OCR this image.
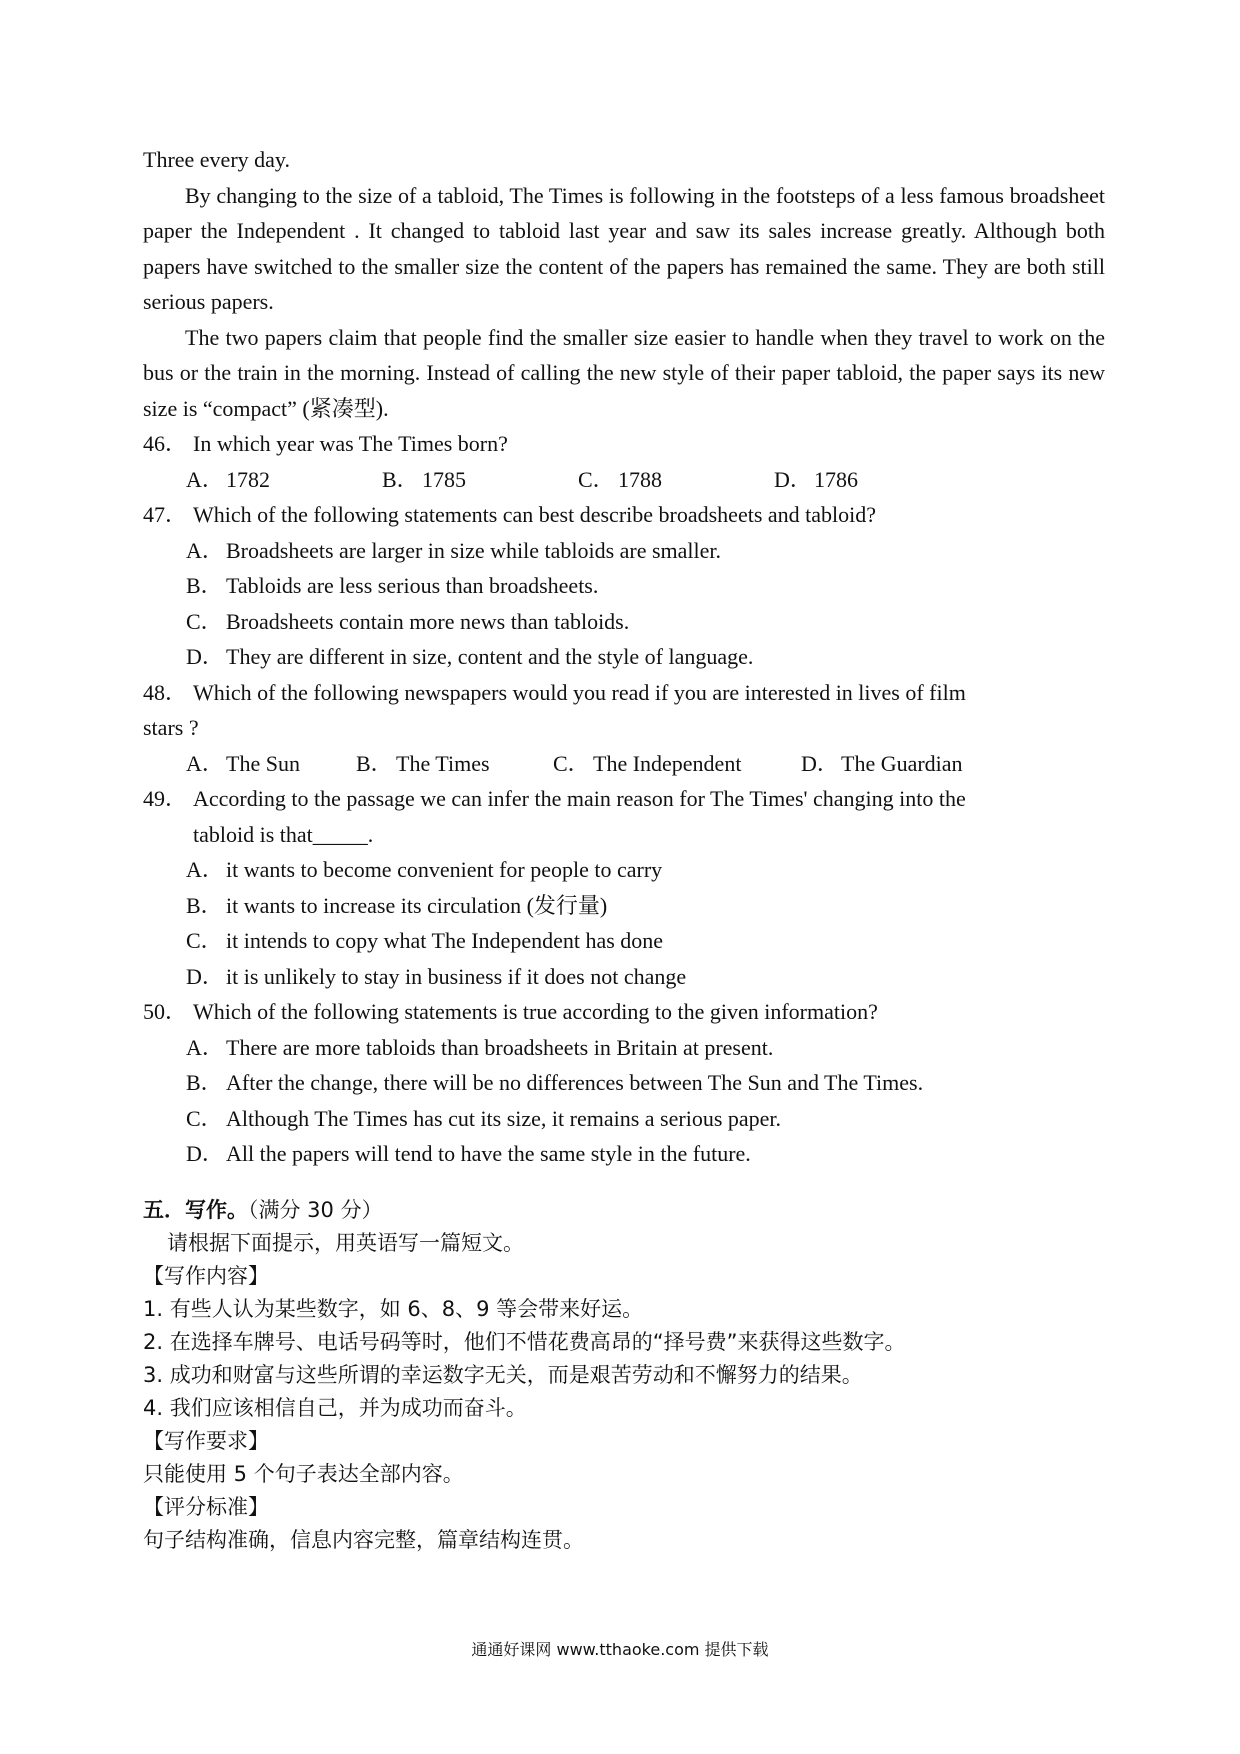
Three every day.

By changing to the size of a tabloid, The Times is following in the footsteps of a less famous broadsheet paper the Independent . It changed to tabloid last year and saw its sales increase greatly. Although both papers have switched to the smaller size the content of the papers has remained the same. They are both still serious papers.

The two papers claim that people find the smaller size easier to handle when they travel to work on the bus or the train in the morning. Instead of calling the new style of their paper tabloid, the paper says its new size is “compact” (紧凑型).

46． In which year was The Times born?

A． 1782	B． 1785	C． 1788	D． 1786

47． Which of the following statements can best describe broadsheets and tabloid?

A． Broadsheets are larger in size while tabloids are smaller.

B． Tabloids are less serious than broadsheets.

C． Broadsheets contain more news than tabloids.

D． They are different in size, content and the style of language.

48． Which of the following newspapers would you read if you are interested in lives of film

stars ?

A． The Sun	B． The Times	C． The Independent	D． The Guardian

49． According to the passage we can infer the main reason for The Times' changing into the

tabloid is that_____.

A． it wants to become convenient for people to carry

B． it wants to increase its circulation (发行量)

C． it intends to copy what The Independent has done

D． it is unlikely to stay in business if it does not change

50． Which of the following statements is true according to the given information?

A． There are more tabloids than broadsheets in Britain at present.

B． After the change, there will be no differences between The Sun and The Times.

C． Although The Times has cut its size, it remains a serious paper.

D． All the papers will tend to have the same style in the future.

五．写作。（满分 30 分）

请根据下面提示，用英语写一篇短文。

【写作内容】

1. 有些人认为某些数字，如 6、8、9 等会带来好运。

2. 在选择车牌号、电话号码等时，他们不惜花费高昂的“择号费”来获得这些数字。

3. 成功和财富与这些所谓的幸运数字无关，而是艰苦劳动和不懈努力的结果。

4. 我们应该相信自己，并为成功而奋斗。

【写作要求】

只能使用 5 个句子表达全部内容。

【评分标准】

句子结构准确，信息内容完整，篇章结构连贯。

通通好课网 www.tthaoke.com 提供下载
